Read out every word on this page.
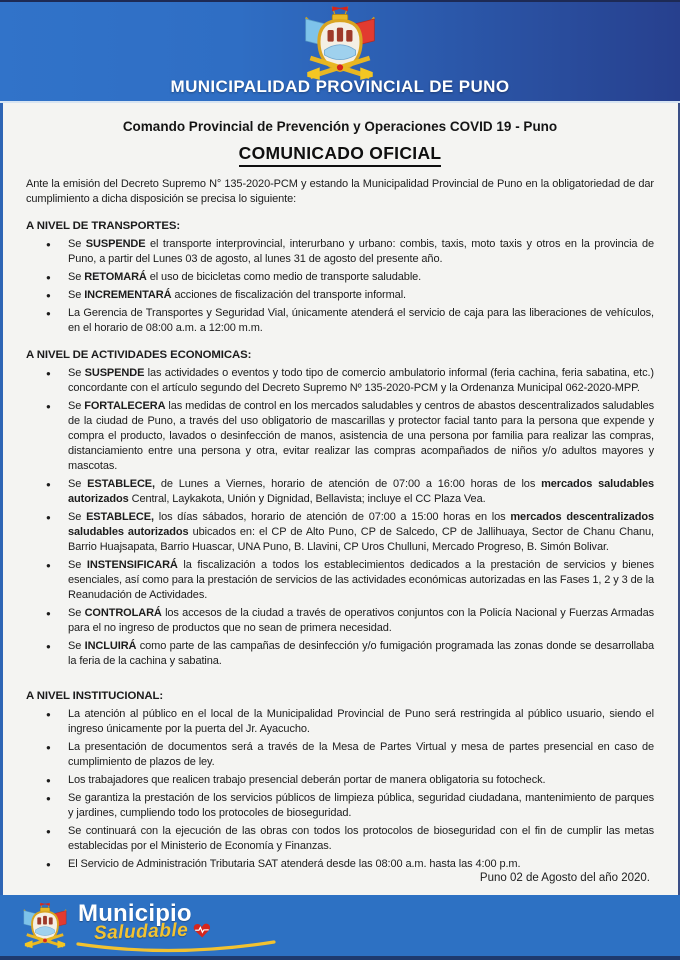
MUNICIPALIDAD PROVINCIAL DE PUNO
Comando Provincial de Prevención y Operaciones COVID 19 - Puno
COMUNICADO OFICIAL

Ante la emisión del Decreto Supremo N° 135-2020-PCM y estando la Municipalidad Provincial de Puno en la obligatoriedad de dar cumplimiento a dicha disposición se precisa lo siguiente:

A NIVEL DE TRANSPORTES:
●	Se SUSPENDE el transporte interprovincial, interurbano y urbano: combis, taxis, moto taxis y otros en la provincia de Puno, a partir del Lunes 03 de agosto, al lunes 31 de agosto del presente año.
●	Se RETOMARÁ el uso de bicicletas como medio de transporte saludable.
●	Se INCREMENTARÁ acciones de fiscalización del transporte informal.
●	La Gerencia de Transportes y Seguridad Vial, únicamente atenderá el servicio de caja para las liberaciones de vehículos, en el horario de 08:00 a.m. a 12:00 m.m.
A NIVEL DE ACTIVIDADES ECONOMICAS:
●	Se SUSPENDE las actividades o eventos y todo tipo de comercio ambulatorio informal (feria cachina, feria sabatina, etc.) concordante con el artículo segundo del Decreto Supremo Nº 135-2020-PCM y la Ordenanza Municipal 062-2020-MPP.
●	Se FORTALECERA las medidas de control en los mercados saludables y centros de abastos descentralizados saludables de la ciudad de Puno, a través del uso obligatorio de mascarillas y protector facial tanto para la persona que expende y compra el producto, lavados o desinfección de manos, asistencia de una persona por familia para realizar las compras, distanciamiento entre una persona y otra, evitar realizar las compras acompañados de niños y/o adultos mayores y mascotas.
●	Se ESTABLECE, de Lunes a Viernes, horario de atención de 07:00 a 16:00 horas de los mercados saludables autorizados Central, Laykakota, Unión y Dignidad, Bellavista; incluye el CC Plaza Vea.
●	Se ESTABLECE, los días sábados, horario de atención de 07:00 a 15:00 horas en los mercados descentralizados saludables autorizados ubicados en: el CP de Alto Puno, CP de Salcedo, CP de Jallihuaya, Sector de Chanu Chanu, Barrio Huajsapata, Barrio Huascar, UNA Puno, B. Llavini, CP Uros Chulluni, Mercado Progreso, B. Simón Bolivar.
●	Se INSTENSIFICARÁ la fiscalización a todos los establecimientos dedicados a la prestación de servicios y bienes esenciales, así como para la prestación de servicios de las actividades económicas autorizadas en las Fases 1, 2 y 3 de la Reanudación de Actividades.
●	Se CONTROLARÁ los accesos de la ciudad a través de operativos conjuntos con la Policía Nacional y Fuerzas Armadas para el no ingreso de productos que no sean de primera necesidad.
●	Se INCLUIRÁ como parte de las campañas de desinfección y/o fumigación programada las zonas donde se desarrollaba la feria de la cachina y sabatina.
A NIVEL INSTITUCIONAL:
●	La atención al público en el local de la Municipalidad Provincial de Puno será restringida al público usuario, siendo el ingreso únicamente por la puerta del Jr. Ayacucho.
●	La presentación de documentos será a través de la Mesa de Partes Virtual y mesa de partes presencial en caso de cumplimiento de plazos de ley.
●	Los trabajadores que realicen trabajo presencial deberán portar de manera obligatoria su fotocheck.
●	Se garantiza la prestación de los servicios públicos de limpieza pública, seguridad ciudadana, mantenimiento de parques y jardines, cumpliendo todo los protocoles de bioseguridad.
●	Se continuará con la ejecución de las obras con todos los protocolos de bioseguridad con el fin de cumplir las metas establecidas por el Ministerio de Economía y Finanzas.
●	El Servicio de Administración Tributaria SAT atenderá desde las 08:00 a.m. hasta las 4:00 p.m.
Puno 02 de Agosto del año 2020.
Municipio
Saludable
